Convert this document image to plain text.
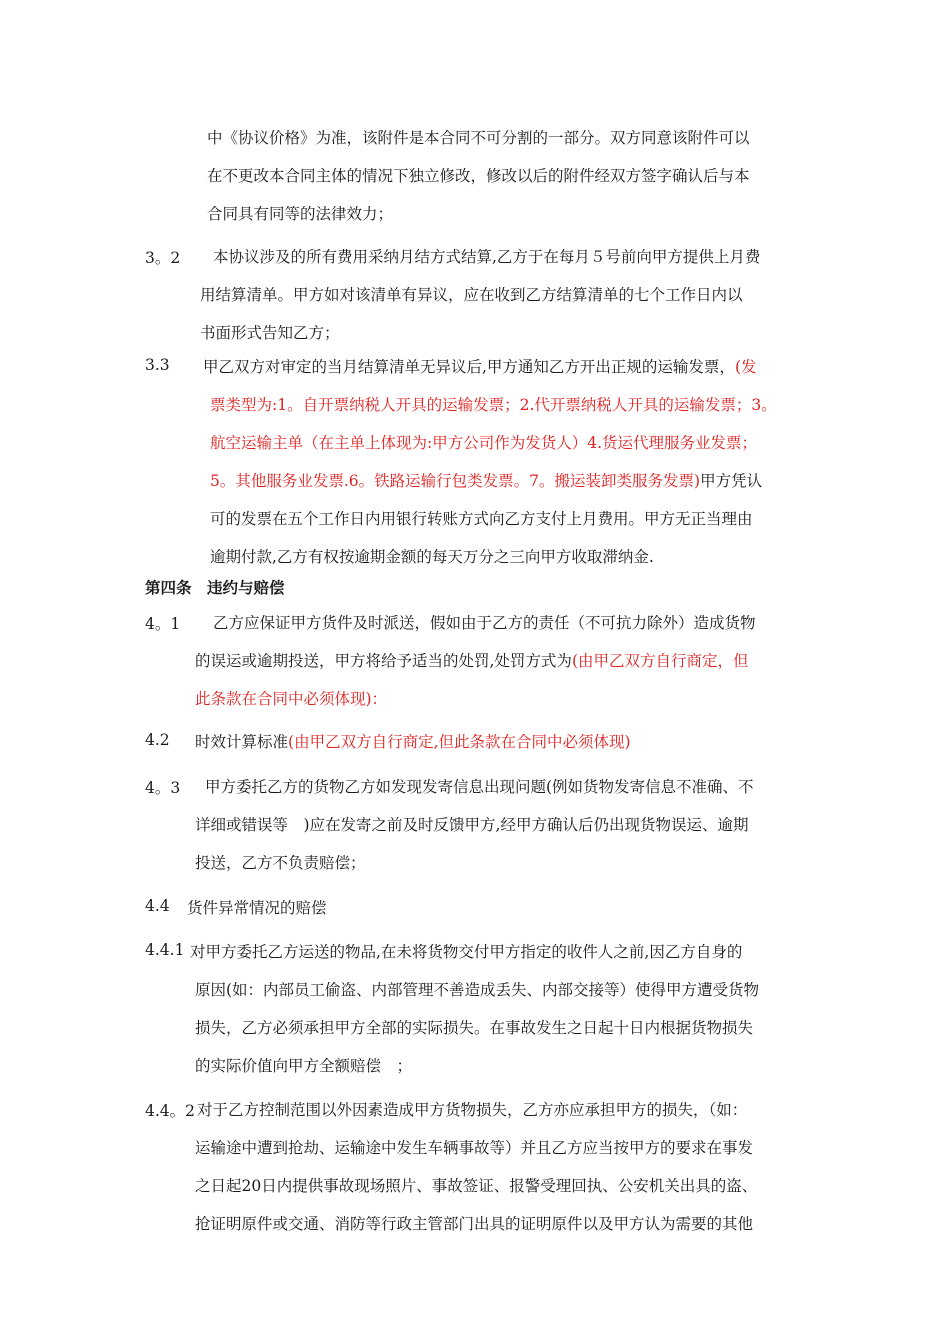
中《协议价格》为准，该附件是本合同不可分割的一部分。双方同意该附件可以
在不更改本合同主体的情况下独立修改，修改以后的附件经双方签字确认后与本
合同具有同等的法律效力；
3。2 本协议涉及的所有费用采纳月结方式结算,乙方于在每月５号前向甲方提供上月费
用结算清单。甲方如对该清单有异议，应在收到乙方结算清单的七个工作日内以
书面形式告知乙方；
3.3 甲乙双方对审定的当月结算清单无异议后,甲方通知乙方开出正规的运输发票，(发
票类型为:1。自开票纳税人开具的运输发票；2.代开票纳税人开具的运输发票；3。
航空运输主单（在主单上体现为:甲方公司作为发货人）4.货运代理服务业发票；
5。其他服务业发票.6。铁路运输行包类发票。7。搬运装卸类服务发票)甲方凭认
可的发票在五个工作日内用银行转账方式向乙方支付上月费用。甲方无正当理由
逾期付款,乙方有权按逾期金额的每天万分之三向甲方收取滞纳金.
第四条　违约与赔偿
4。1 乙方应保证甲方货件及时派送，假如由于乙方的责任（不可抗力除外）造成货物
的误运或逾期投送，甲方将给予适当的处罚,处罚方式为(由甲乙双方自行商定，但
此条款在合同中必须体现)：
4.2 时效计算标准(由甲乙双方自行商定,但此条款在合同中必须体现)
4。3 甲方委托乙方的货物乙方如发现发寄信息出现问题(例如货物发寄信息不准确、不
详细或错误等　)应在发寄之前及时反馈甲方,经甲方确认后仍出现货物误运、逾期
投送，乙方不负责赔偿；
4.4 货件异常情况的赔偿
4.4.1 对甲方委托乙方运送的物品,在未将货物交付甲方指定的收件人之前,因乙方自身的
原因(如：内部员工偷盗、内部管理不善造成丢失、内部交接等）使得甲方遭受货物
损失，乙方必须承担甲方全部的实际损失。在事故发生之日起十日内根据货物损失
的实际价值向甲方全额赔偿　；
4.4。2 对于乙方控制范围以外因素造成甲方货物损失，乙方亦应承担甲方的损失，（如：
运输途中遭到抢劫、运输途中发生车辆事故等）并且乙方应当按甲方的要求在事发
之日起20日内提供事故现场照片、事故签证、报警受理回执、公安机关出具的盗、
抢证明原件或交通、消防等行政主管部门出具的证明原件以及甲方认为需要的其他
